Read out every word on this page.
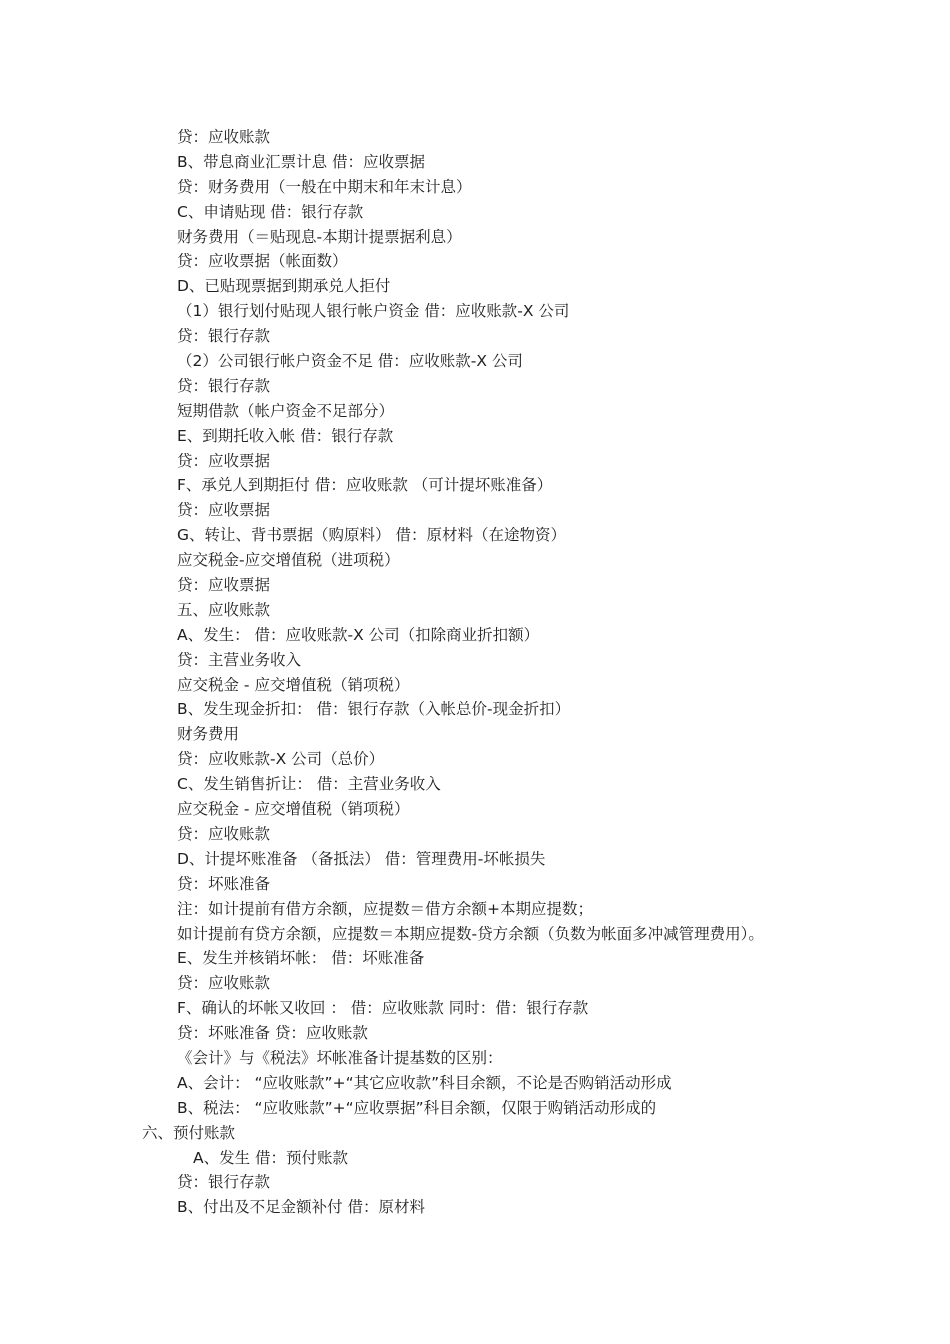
贷：应收账款
B、带息商业汇票计息 借：应收票据
贷：财务费用（一般在中期末和年末计息）
C、申请贴现 借：银行存款
财务费用（＝贴现息-本期计提票据利息）
贷：应收票据（帐面数）
D、已贴现票据到期承兑人拒付
（1）银行划付贴现人银行帐户资金 借：应收账款-X 公司
贷：银行存款
（2）公司银行帐户资金不足 借：应收账款-X 公司
贷：银行存款
短期借款（帐户资金不足部分）
E、到期托收入帐 借：银行存款
贷：应收票据
F、承兑人到期拒付 借：应收账款 （可计提坏账准备）
贷：应收票据
G、转让、背书票据（购原料） 借：原材料（在途物资）
应交税金-应交增值税（进项税）
贷：应收票据
五、应收账款
A、发生： 借：应收账款-X 公司（扣除商业折扣额）
贷：主营业务收入
应交税金 - 应交增值税（销项税）
B、发生现金折扣： 借：银行存款（入帐总价-现金折扣）
财务费用
贷：应收账款-X 公司（总价）
C、发生销售折让： 借：主营业务收入
应交税金 - 应交增值税（销项税）
贷：应收账款
D、计提坏账准备 （备抵法） 借：管理费用-坏帐损失
贷：坏账准备
注：如计提前有借方余额，应提数＝借方余额+本期应提数；
如计提前有贷方余额，应提数＝本期应提数-贷方余额（负数为帐面多冲减管理费用）。
E、发生并核销坏帐： 借：坏账准备
贷：应收账款
F、确认的坏帐又收回 ： 借：应收账款 同时：借：银行存款
贷：坏账准备 贷：应收账款
《会计》与《税法》坏帐准备计提基数的区别：
A、会计： “应收账款”+“其它应收款”科目余额，不论是否购销活动形成
B、税法： “应收账款”+“应收票据”科目余额，仅限于购销活动形成的
六、预付账款
A、发生 借：预付账款
贷：银行存款
B、付出及不足金额补付 借：原材料
